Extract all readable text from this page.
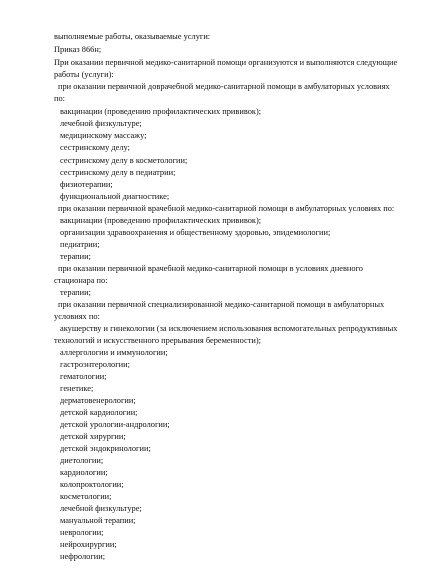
выполняемые работы, оказываемые услуги:
Приказ 866н;
При оказании первичной медико-санитарной помощи организуются и выполняются следующие
работы (услуги):
при оказании первичной доврачебной медико-санитарной помощи в амбулаторных условиях
по:
вакцинации (проведению профилактических прививок);
лечебной физкультуре;
медицинскому массажу;
сестринскому делу;
сестринскому делу в косметологии;
сестринскому делу в педиатрии;
физиотерапии;
функциональной диагностике;
при оказании первичной врачебной медико-санитарной помощи в амбулаторных условиях по:
вакцинации (проведению профилактических прививок);
организации здравоохранения и общественному здоровью, эпидемиологии;
педиатрии;
терапии;
при оказании первичной врачебной медико-санитарной помощи в условиях дневного
стационара по:
терапии;
при оказании первичной специализированной медико-санитарной помощи в амбулаторных
условиях по:
акушерству и гинекологии (за исключением использования вспомогательных репродуктивных
технологий и искусственного прерывания беременности);
аллергологии и иммунологии;
гастроэнтерологии;
гематологии;
генетике;
дерматовенерологии;
детской кардиологии;
детской урологии-андрологии;
детской хирургии;
детской эндокринологии;
диетологии;
кардиологии;
колопроктологии;
косметологии;
лечебной физкультуре;
мануальной терапии;
неврологии;
нейрохирургии;
нефрологии;
